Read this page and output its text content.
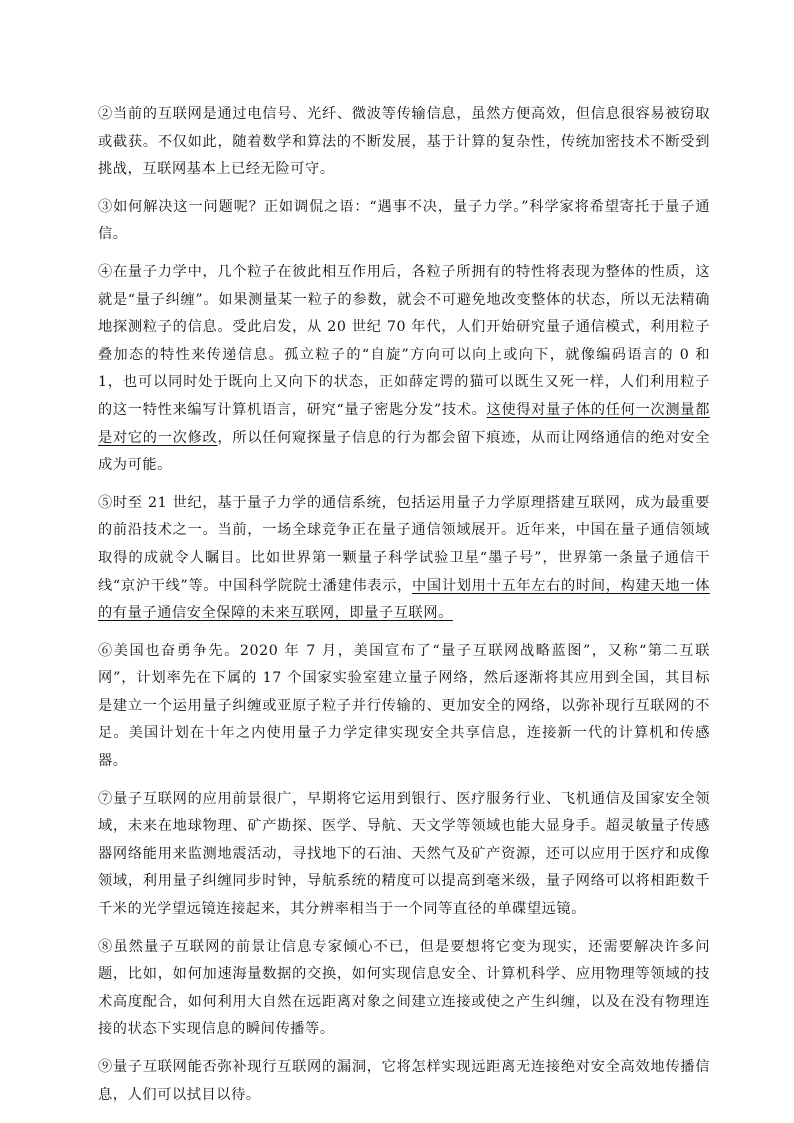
②当前的互联网是通过电信号、光纤、微波等传输信息，虽然方便高效，但信息很容易被窃取或截获。不仅如此，随着数学和算法的不断发展，基于计算的复杂性，传统加密技术不断受到挑战，互联网基本上已经无险可守。

③如何解决这一问题呢？正如调侃之语：“遇事不决，量子力学。”科学家将希望寄托于量子通信。

④在量子力学中，几个粒子在彼此相互作用后，各粒子所拥有的特性将表现为整体的性质，这就是“量子纠缠”。如果测量某一粒子的参数，就会不可避免地改变整体的状态，所以无法精确地探测粒子的信息。受此启发，从 20 世纪 70 年代，人们开始研究量子通信模式，利用粒子叠加态的特性来传递信息。孤立粒子的“自旋”方向可以向上或向下，就像编码语言的 0 和 1，也可以同时处于既向上又向下的状态，正如薛定谔的猫可以既生又死一样，人们利用粒子的这一特性来编写计算机语言，研究“量子密匙分发”技术。这使得对量子体的任何一次测量都是对它的一次修改，所以任何窥探量子信息的行为都会留下痕迹，从而让网络通信的绝对安全成为可能。

⑤时至 21 世纪，基于量子力学的通信系统，包括运用量子力学原理搭建互联网，成为最重要的前沿技术之一。当前，一场全球竞争正在量子通信领域展开。近年来，中国在量子通信领域取得的成就令人瞩目。比如世界第一颗量子科学试验卫星“墨子号”，世界第一条量子通信干线“京沪干线”等。中国科学院院士潘建伟表示，中国计划用十五年左右的时间，构建天地一体的有量子通信安全保障的未来互联网，即量子互联网。

⑥美国也奋勇争先。2020 年 7 月，美国宣布了“量子互联网战略蓝图”，又称“第二互联网”，计划率先在下属的 17 个国家实验室建立量子网络，然后逐渐将其应用到全国，其目标是建立一个运用量子纠缠或亚原子粒子并行传输的、更加安全的网络，以弥补现行互联网的不足。美国计划在十年之内使用量子力学定律实现安全共享信息，连接新一代的计算机和传感器。

⑦量子互联网的应用前景很广，早期将它运用到银行、医疗服务行业、飞机通信及国家安全领域，未来在地球物理、矿产勘探、医学、导航、天文学等领域也能大显身手。超灵敏量子传感器网络能用来监测地震活动，寻找地下的石油、天然气及矿产资源，还可以应用于医疗和成像领域，利用量子纠缠同步时钟，导航系统的精度可以提高到毫米级，量子网络可以将相距数千千米的光学望远镜连接起来，其分辨率相当于一个同等直径的单碟望远镜。

⑧虽然量子互联网的前景让信息专家倾心不已，但是要想将它变为现实，还需要解决许多问题，比如，如何加速海量数据的交换，如何实现信息安全、计算机科学、应用物理等领域的技术高度配合，如何利用大自然在远距离对象之间建立连接或使之产生纠缠，以及在没有物理连接的状态下实现信息的瞬间传播等。

⑨量子互联网能否弥补现行互联网的漏洞，它将怎样实现远距离无连接绝对安全高效地传播信息，人们可以拭目以待。
